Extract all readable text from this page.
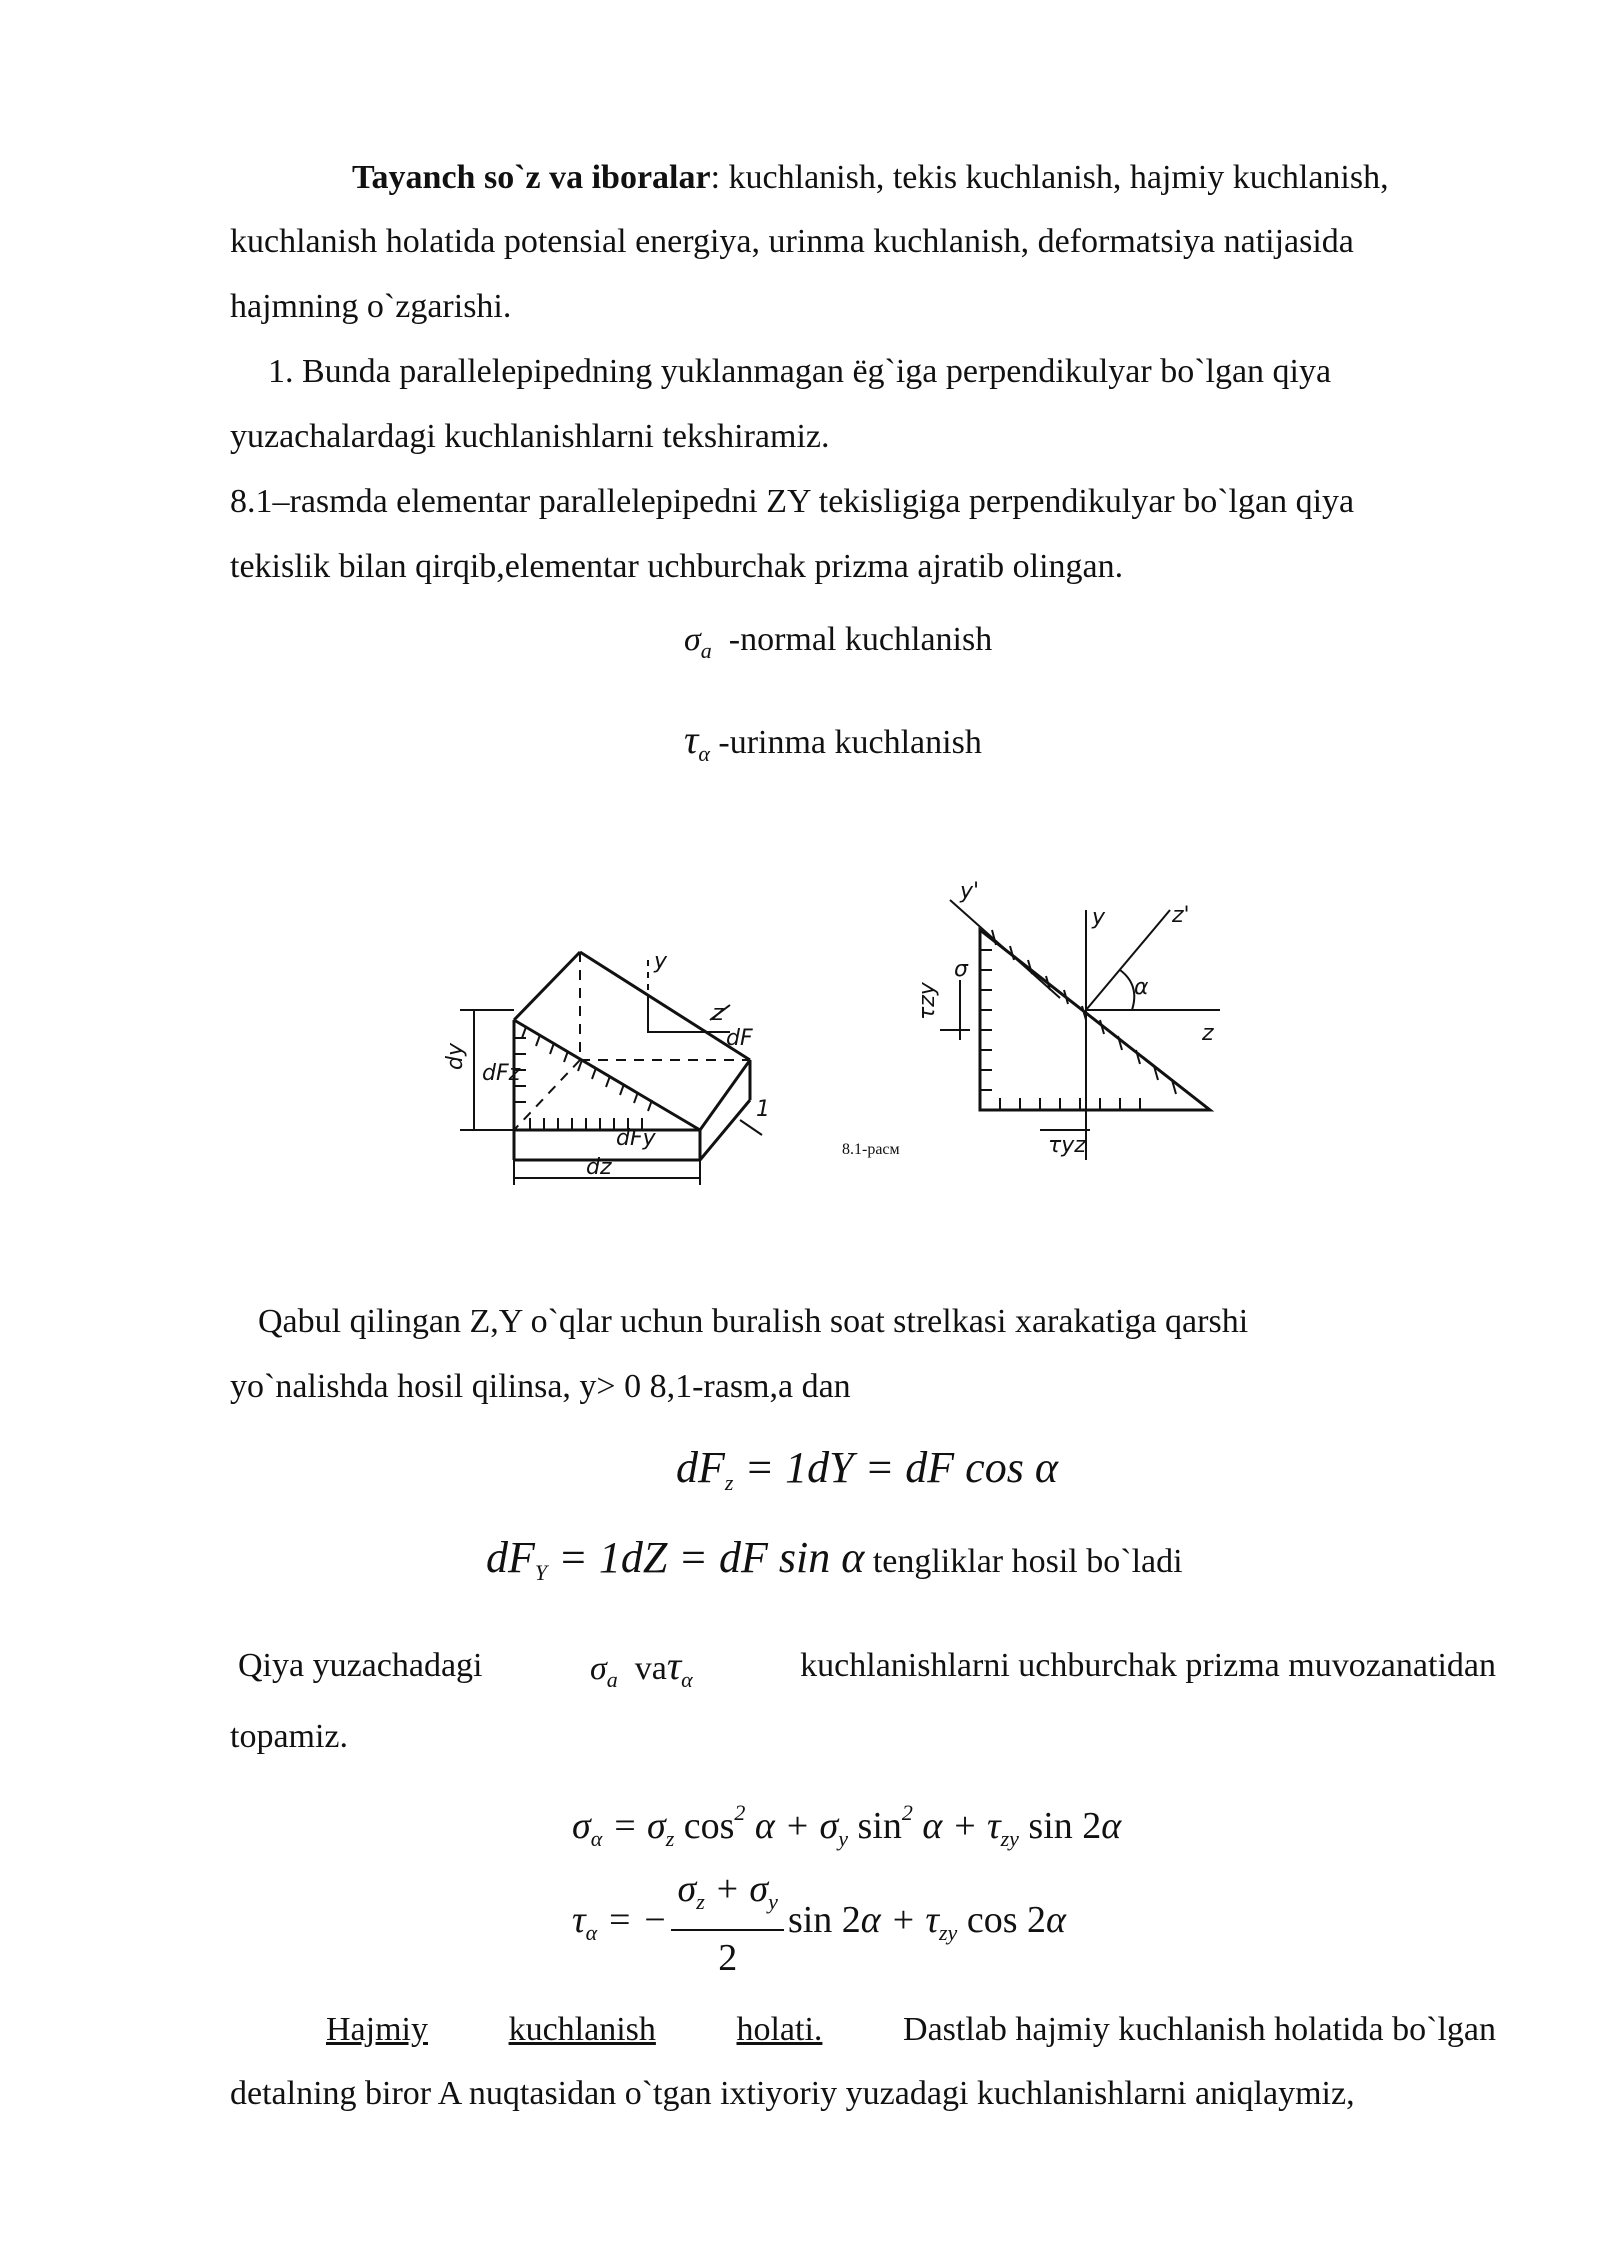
Tayanch so`z va iboralar: kuchlanish, tekis kuchlanish, hajmiy kuchlanish,
kuchlanish holatida potensial energiya, urinma kuchlanish, deformatsiya natijasida
hajmning o`zgarishi.
1. Bunda parallelepipedning yuklanmagan ёg`iga perpendikulyar bo`lgan qiya
yuzachalardagi kuchlanishlarni tekshiramiz.
8.1–rasmda elementar parallelepipedni ZY tekisligiga perpendikulyar bo`lgan qiya
tekislik bilan qirqib,elementar uchburchak prizma ajratib olingan.
$\sigma_a$ -normal kuchlanish
$\tau_\alpha$ -urinma kuchlanish
y
z
dF
dy
dFz
dFy
dz
1
8.1-расм
y'
y	z'
z
α
τzy
τyz
σ
Qabul qilingan Z,Y o`qlar uchun buralish soat strelkasi xarakatiga qarshi
yo`nalishda hosil qilinsa, y> 0 8,1-rasm,a dan
$dF_z = 1dY$ = dF cos α
$dF_Y = 1dZ$ = dF sin α tengliklar hosil bo`ladi
Qiya yuzachadagi	$\sigma_a$ vaτ$_\alpha$	kuchlanishlarni uchburchak prizma muvozanatidan
topamiz.
$\sigma_\alpha = \sigma_z$ $\cos^2 \alpha + \sigma_y$ $\sin^2 \alpha + \tau_{zy}$ sin 2α
$\tau_\alpha$ = − $\frac{\sigma_z + \sigma_y}{2}$ $\sin 2\alpha + \tau_{zy}$ cos 2α
Hajmiy kuchlanish holati. Dastlab hajmiy kuchlanish holatida bo`lgan
detalning biror A nuqtasidan o`tgan ixtiyoriy yuzadagi kuchlanishlarni aniqlaymiz,
